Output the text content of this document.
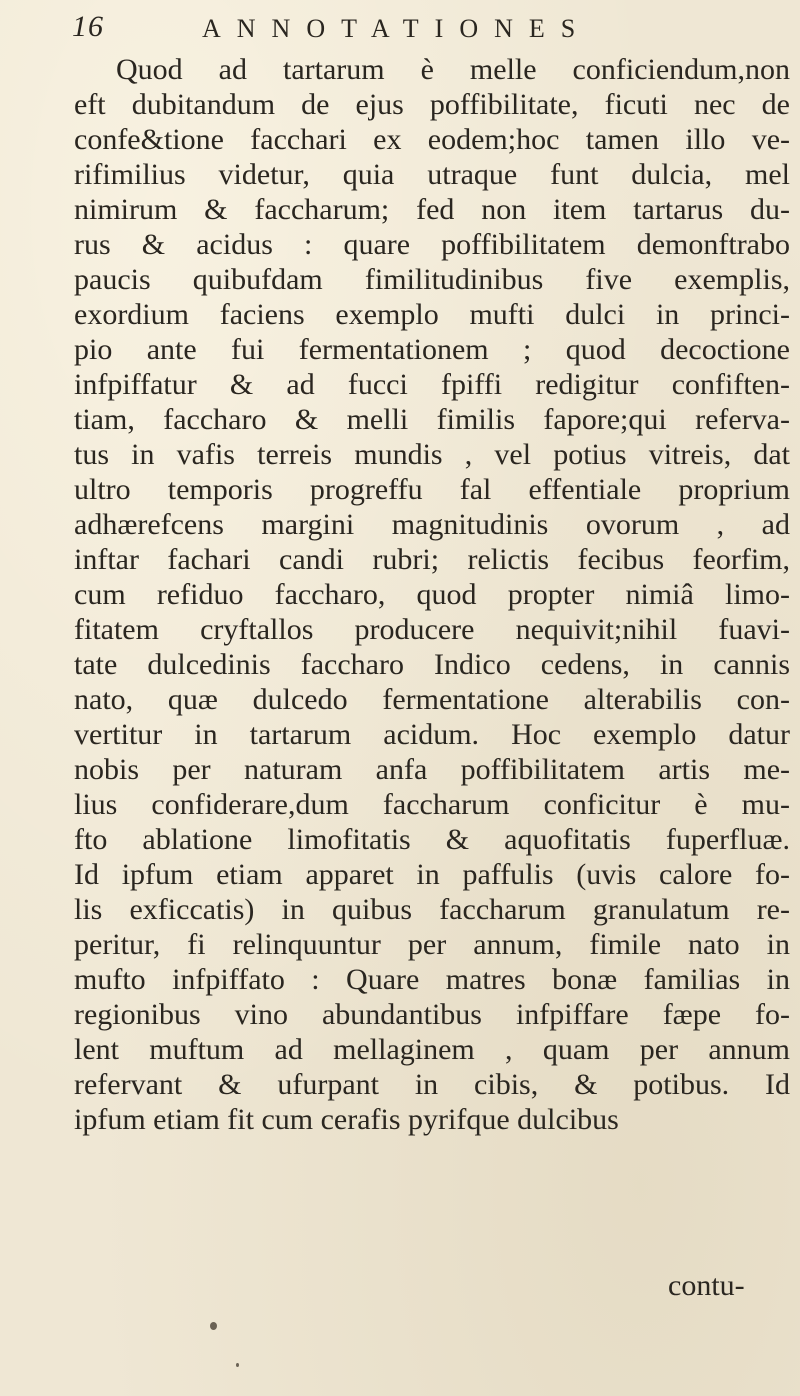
16	ANNOTATIONES
Quod ad tartarum è melle conficiendum,non
eft dubitandum de ejus poffibilitate, ficuti nec de
confe&tione facchari ex eodem;hoc tamen illo ve-
rifimilius videtur, quia utraque funt dulcia, mel
nimirum & faccharum; fed non item tartarus du-
rus & acidus : quare poffibilitatem demonftrabo
paucis quibufdam fimilitudinibus five exemplis,
exordium faciens exemplo mufti dulci in princi-
pio ante fui fermentationem ; quod decoctione
infpiffatur & ad fucci fpiffi redigitur confiften-
tiam, faccharo & melli fimilis fapore;qui referva-
tus in vafis terreis mundis , vel potius vitreis, dat
ultro temporis progreffu fal effentiale proprium
adhærefcens margini magnitudinis ovorum , ad
inftar fachari candi rubri; relictis fecibus feorfim,
cum refiduo faccharo, quod propter nimiâ limo-
fitatem cryftallos producere nequivit;nihil fuavi-
tate dulcedinis faccharo Indico cedens, in cannis
nato, quæ dulcedo fermentatione alterabilis con-
vertitur in tartarum acidum. Hoc exemplo datur
nobis per naturam anfa poffibilitatem artis me-
lius confiderare,dum faccharum conficitur è mu-
fto ablatione limofitatis & aquofitatis fuperfluæ.
Id ipfum etiam apparet in paffulis (uvis calore fo-
lis exficcatis) in quibus faccharum granulatum re-
peritur, fi relinquuntur per annum, fimile nato in
mufto infpiffato : Quare matres bonæ familias in
regionibus vino abundantibus infpiffare fæpe fo-
lent muftum ad mellaginem , quam per annum
refervant & ufurpant in cibis, & potibus. Id
ipfum etiam fit cum cerafis pyrifque dulcibus
contu-
